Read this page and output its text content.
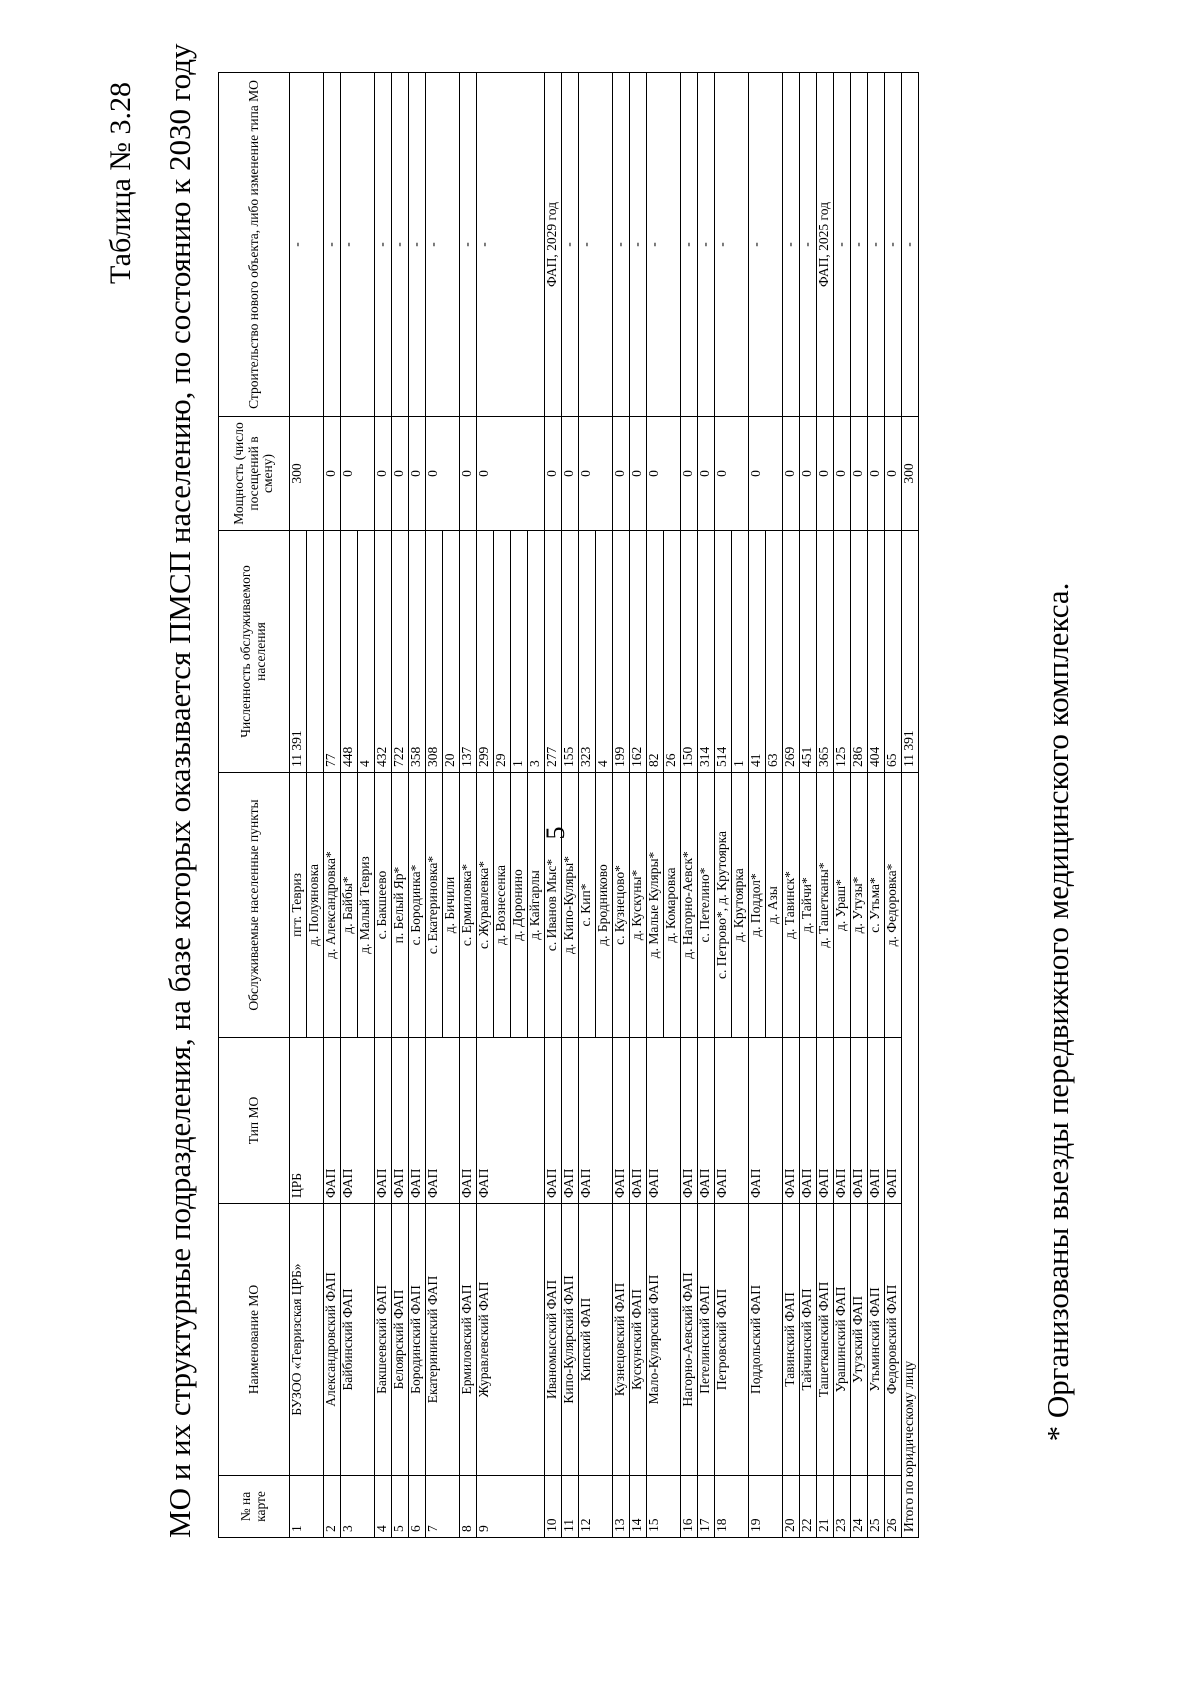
5	* Организованы выезды передвижного медицинского комплекса.
Таблица № 3.28 МО и их структурные подразделения, на базе которых оказывается ПМСП населению, по состоянию к 2030 году	№ на карте	Наименование МО	Тип МО	Обслуживаемые населенные пункты	Численность обслуживаемого населения	Мощность (число посещений в смену)	Строительство нового объекта, либо изменение типа МО
1	БУЗОО «Тевризская ЦРБ»	ЦРБ	пгт. Тевриз	11 391	300	-
			д. Полуяновка			
2	Александровский ФАП	ФАП	д. Александровка*	77	0	-
3	Байбинский ФАП	ФАП	д. Байбы*	448	0	-
			д. Малый Тевриз	4		
4	Бакшеевский ФАП	ФАП	с. Бакшеево	432	0	-
5	Белоярский ФАП	ФАП	п. Белый Яр*	722	0	-
6	Бородинский ФАП	ФАП	с. Бородинка*	358	0	-
7	Екатерининский ФАП	ФАП	с. Екатериновка*	308	0	-
			д. Бичили	20		
8	Ермиловский ФАП	ФАП	с. Ермиловка*	137	0	-
9	Журавлевский ФАП	ФАП	с. Журавлевка*	299	0	-
			д. Вознесенка	29		
			д. Доронино	1		
			д. Кайгарлы	3		
10	Иваномысский ФАП	ФАП	с. Иванов Мыс*	277	0	ФАП, 2029 год
11	Кипо-Кулярский ФАП	ФАП	д. Кипо-Куляры*	155	0	-
12	Кипский ФАП	ФАП	с. Кип*	323	0	-
			д. Бродниково	4		
13	Кузнецовский ФАП	ФАП	с. Кузнецово*	199	0	-
14	Кускунский ФАП	ФАП	д. Кускуны*	162	0	-
15	Мало-Кулярский ФАП	ФАП	д. Малые Куляры*	82	0	-
			д. Комаровка	26		
16	Нагорно-Аевский ФАП	ФАП	д. Нагорно-Аевск*	150	0	-
17	Петелинский ФАП	ФАП	с. Петелино*	314	0	-
18	Петровский ФАП	ФАП	с. Петрово*, д. Крутоярка	514	0	-
			д. Крутоярка	1		
19	Поддольский ФАП	ФАП	д. Поддол*	41	0	-
			д. Азы	63		
20	Тавинский ФАП	ФАП	д. Тавинск*	269	0	-
22	Тайчинский ФАП	ФАП	д. Тайчи*	451	0	-
21	Ташетканский ФАП	ФАП	д. Ташетканы*	365	0	ФАП, 2025 год
23	Урашинский ФАП	ФАП	д. Ураш*	125	0	-
24	Утузский ФАП	ФАП	д. Утузы*	286	0	-
25	Утьминский ФАП	ФАП	с. Утьма*	404	0	-
26	Федоровский ФАП	ФАП	д. Федоровка*	65	0	-
Итого по юридическому лицу				11 391	300	-
